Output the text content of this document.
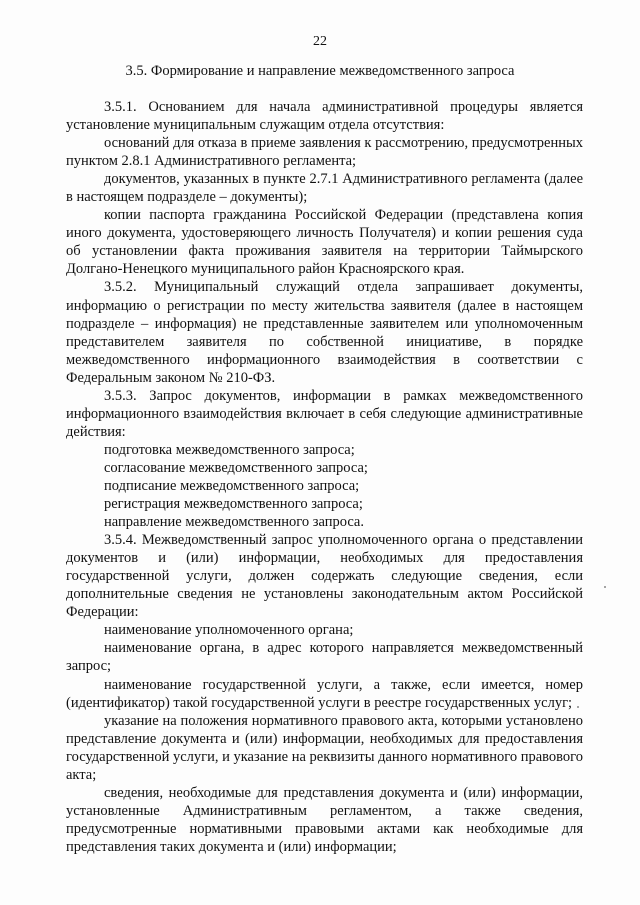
22
3.5. Формирование и направление межведомственного запроса

3.5.1. Основанием для начала административной процедуры является установление муниципальным служащим отдела отсутствия:

оснований для отказа в приеме заявления к рассмотрению, предусмотренных пунктом 2.8.1 Административного регламента;

документов, указанных в пункте 2.7.1 Административного регламента (далее в настоящем подразделе – документы);

копии паспорта гражданина Российской Федерации (представлена копия иного документа, удостоверяющего личность Получателя) и копии решения суда об установлении факта проживания заявителя на территории Таймырского Долгано-Ненецкого муниципального район Красноярского края.

3.5.2. Муниципальный служащий отдела запрашивает документы, информацию о регистрации по месту жительства заявителя (далее в настоящем подразделе – информация) не представленные заявителем или уполномоченным представителем заявителя по собственной инициативе, в порядке межведомственного информационного взаимодействия в соответствии с Федеральным законом № 210-ФЗ.

3.5.3. Запрос документов, информации в рамках межведомственного информационного взаимодействия включает в себя следующие административные действия:

подготовка межведомственного запроса;

согласование межведомственного запроса;

подписание межведомственного запроса;

регистрация межведомственного запроса;

направление межведомственного запроса.

3.5.4. Межведомственный запрос уполномоченного органа о представлении документов и (или) информации, необходимых для предоставления государственной услуги, должен содержать следующие сведения, если дополнительные сведения не установлены законодательным актом Российской Федерации:

наименование уполномоченного органа;

наименование органа, в адрес которого направляется межведомственный запрос;

наименование государственной услуги, а также, если имеется, номер (идентификатор) такой государственной услуги в реестре государственных услуг;

указание на положения нормативного правового акта, которыми установлено представление документа и (или) информации, необходимых для предоставления государственной услуги, и указание на реквизиты данного нормативного правового акта;

сведения, необходимые для представления документа и (или) информации, установленные Административным регламентом, а также сведения, предусмотренные нормативными правовыми актами как необходимые для представления таких документа и (или) информации;
